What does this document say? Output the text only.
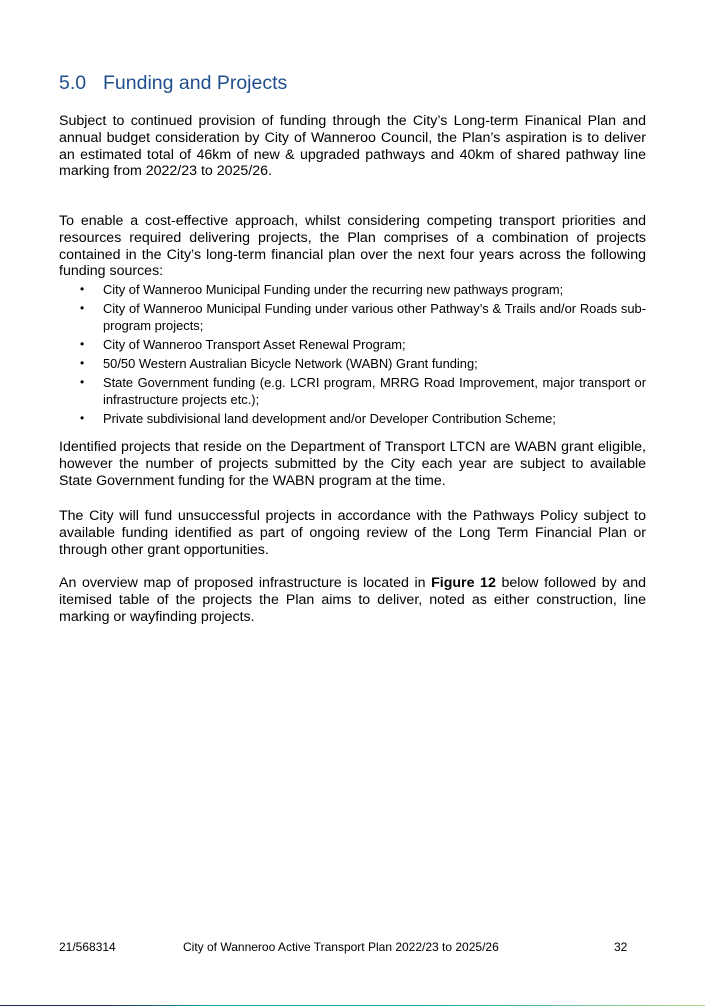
5.0 Funding and Projects

Subject to continued provision of funding through the City’s Long-term Finanical Plan and annual budget consideration by City of Wanneroo Council, the Plan’s aspiration is to deliver an estimated total of 46km of new & upgraded pathways and 40km of shared pathway line marking from 2022/23 to 2025/26.

To enable a cost-effective approach, whilst considering competing transport priorities and resources required delivering projects, the Plan comprises of a combination of projects contained in the City’s long-term financial plan over the next four years across the following funding sources:

• City of Wanneroo Municipal Funding under the recurring new pathways program;
• City of Wanneroo Municipal Funding under various other Pathway’s & Trails and/or Roads sub-program projects;
• City of Wanneroo Transport Asset Renewal Program;
• 50/50 Western Australian Bicycle Network (WABN) Grant funding;
• State Government funding (e.g. LCRI program, MRRG Road Improvement, major transport or infrastructure projects etc.);
• Private subdivisional land development and/or Developer Contribution Scheme;

Identified projects that reside on the Department of Transport LTCN are WABN grant eligible, however the number of projects submitted by the City each year are subject to available State Government funding for the WABN program at the time.

The City will fund unsuccessful projects in accordance with the Pathways Policy subject to available funding identified as part of ongoing review of the Long Term Financial Plan or through other grant opportunities.

An overview map of proposed infrastructure is located in Figure 12 below followed by and itemised table of the projects the Plan aims to deliver, noted as either construction, line marking or wayfinding projects.

21/568314	City of Wanneroo Active Transport Plan 2022/23 to 2025/26	32
